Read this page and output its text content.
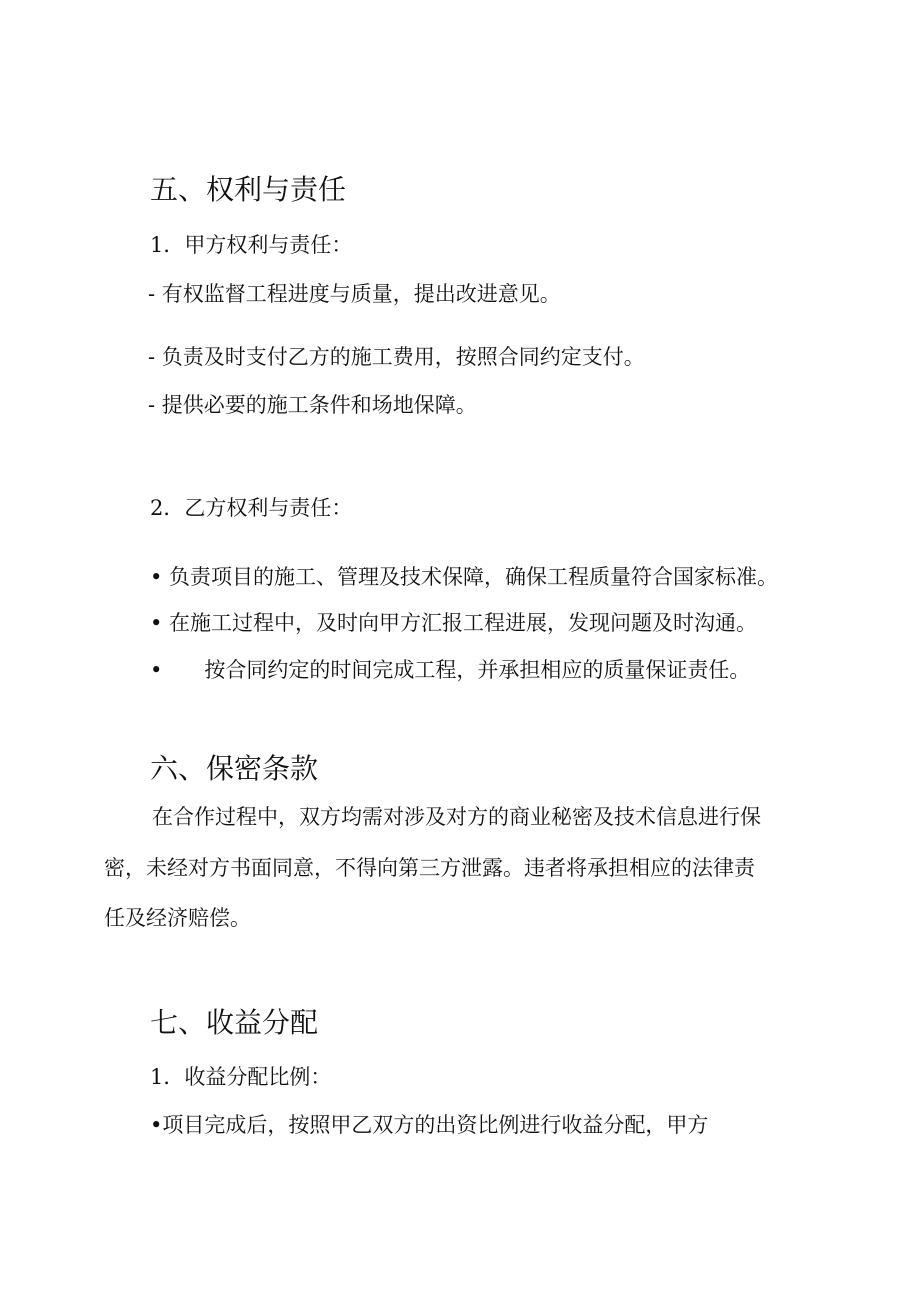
五、权利与责任
1．甲方权利与责任：
- 有权监督工程进度与质量，提出改进意见。
- 负责及时支付乙方的施工费用，按照合同约定支付。
- 提供必要的施工条件和场地保障。
2．乙方权利与责任：
• 负责项目的施工、管理及技术保障，确保工程质量符合国家标准。
• 在施工过程中，及时向甲方汇报工程进展，发现问题及时沟通。
• 按合同约定的时间完成工程，并承担相应的质量保证责任。
六、保密条款
在合作过程中，双方均需对涉及对方的商业秘密及技术信息进行保
密，未经对方书面同意，不得向第三方泄露。违者将承担相应的法律责
任及经济赔偿。
七、收益分配
1．收益分配比例：
•项目完成后，按照甲乙双方的出资比例进行收益分配，甲方
